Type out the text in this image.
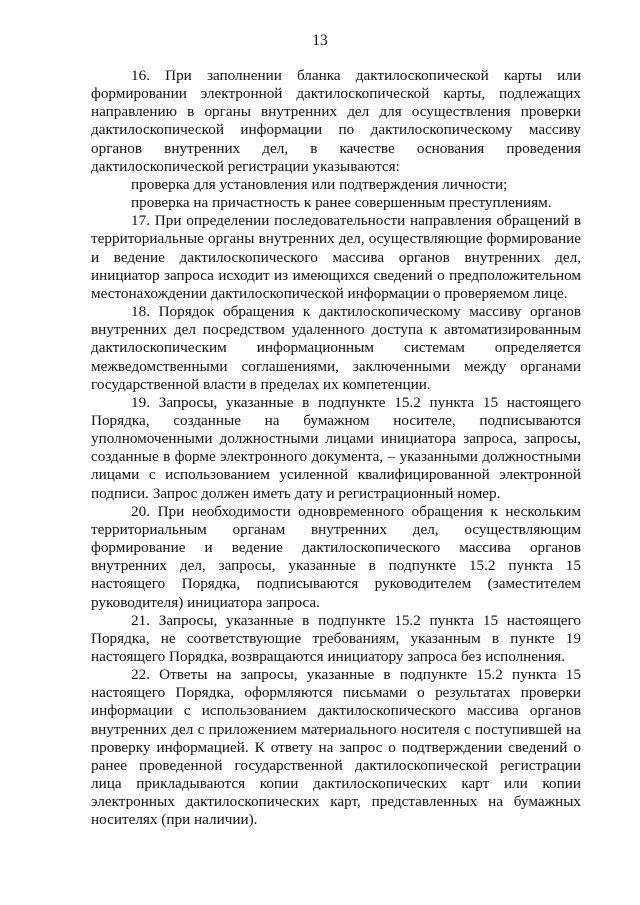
13

16. При заполнении бланка дактилоскопической карты или формировании электронной дактилоскопической карты, подлежащих направлению в органы внутренних дел для осуществления проверки дактилоскопической информации по дактилоскопическому массиву органов внутренних дел, в качестве основания проведения дактилоскопической регистрации указываются:

проверка для установления или подтверждения личности;

проверка на причастность к ранее совершенным преступлениям.

17. При определении последовательности направления обращений в территориальные органы внутренних дел, осуществляющие формирование и ведение дактилоскопического массива органов внутренних дел, инициатор запроса исходит из имеющихся сведений о предположительном местонахождении дактилоскопической информации о проверяемом лице.

18. Порядок обращения к дактилоскопическому массиву органов внутренних дел посредством удаленного доступа к автоматизированным дактилоскопическим информационным системам определяется межведомственными соглашениями, заключенными между органами государственной власти в пределах их компетенции.

19. Запросы, указанные в подпункте 15.2 пункта 15 настоящего Порядка, созданные на бумажном носителе, подписываются уполномоченными должностными лицами инициатора запроса, запросы, созданные в форме электронного документа, – указанными должностными лицами с использованием усиленной квалифицированной электронной подписи. Запрос должен иметь дату и регистрационный номер.

20. При необходимости одновременного обращения к нескольким территориальным органам внутренних дел, осуществляющим формирование и ведение дактилоскопического массива органов внутренних дел, запросы, указанные в подпункте 15.2 пункта 15 настоящего Порядка, подписываются руководителем (заместителем руководителя) инициатора запроса.

21. Запросы, указанные в подпункте 15.2 пункта 15 настоящего Порядка, не соответствующие требованиям, указанным в пункте 19 настоящего Порядка, возвращаются инициатору запроса без исполнения.

22. Ответы на запросы, указанные в подпункте 15.2 пункта 15 настоящего Порядка, оформляются письмами о результатах проверки информации с использованием дактилоскопического массива органов внутренних дел с приложением материального носителя с поступившей на проверку информацией. К ответу на запрос о подтверждении сведений о ранее проведенной государственной дактилоскопической регистрации лица прикладываются копии дактилоскопических карт или копии электронных дактилоскопических карт, представленных на бумажных носителях (при наличии).
